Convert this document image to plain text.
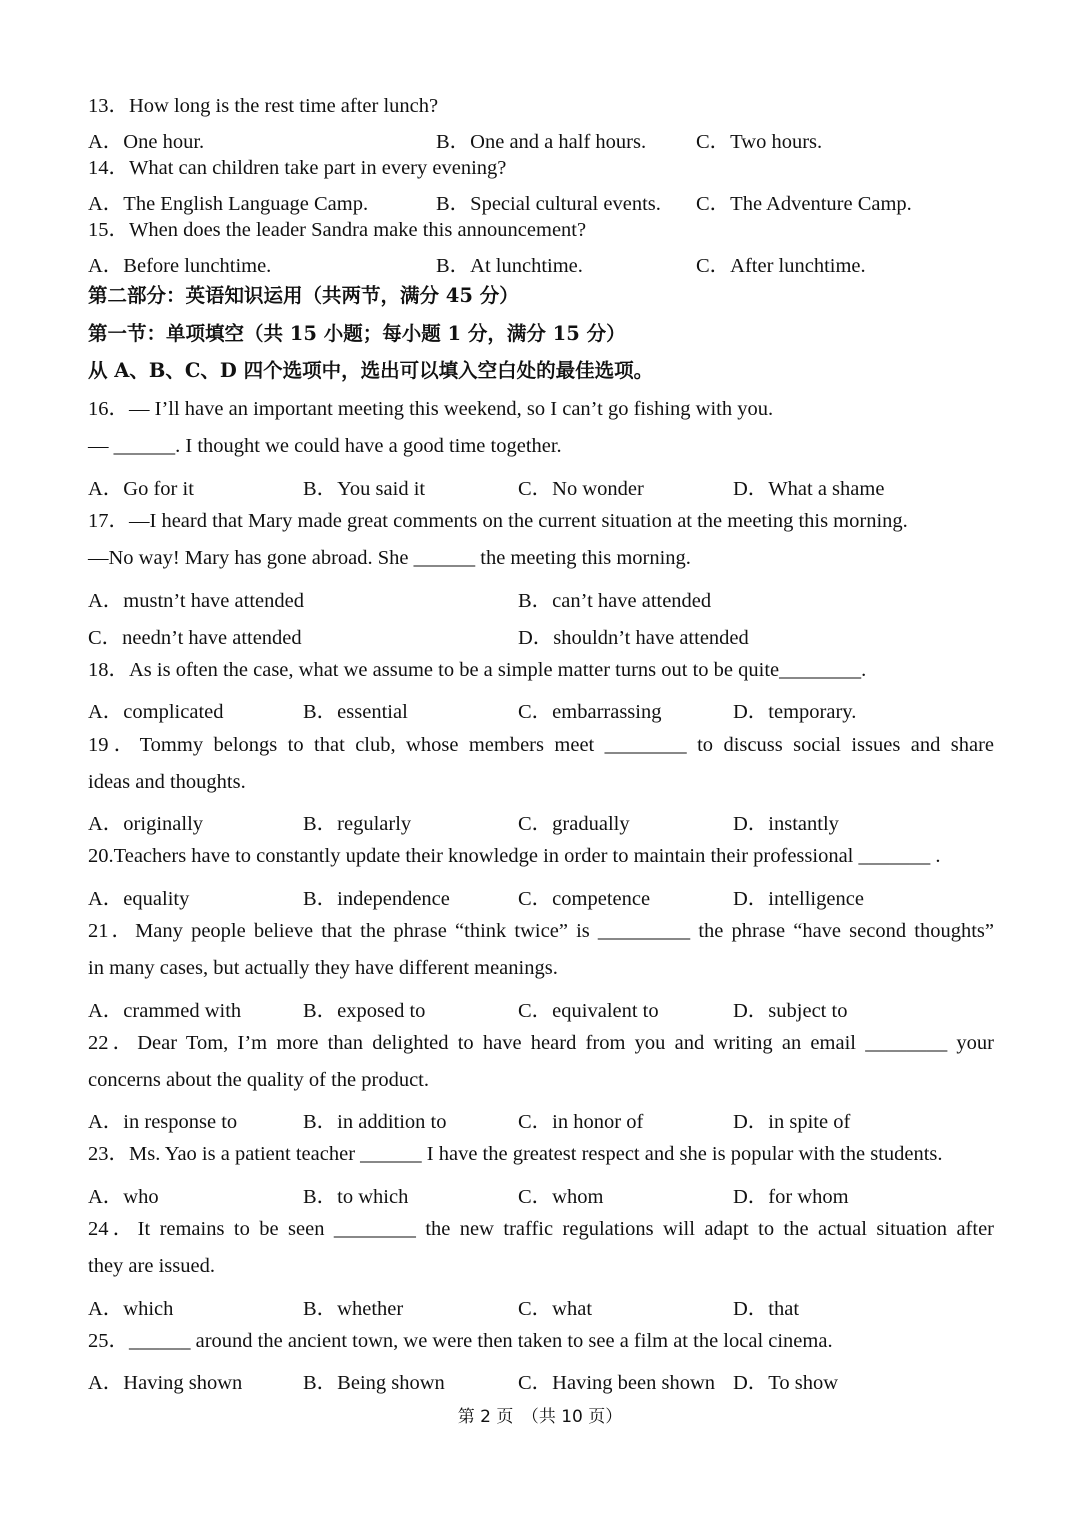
13．How long is the rest time after lunch?
A．One hour.	B．One and a half hours. C．Two hours.
14．What can children take part in every evening?
A．The English Language Camp.	B．Special cultural events. C．The Adventure Camp.
15．When does the leader Sandra make this announcement?
A．Before lunchtime.	B．At lunchtime.	C．After lunchtime.
第二部分：英语知识运用（共两节，满分 45 分）
第一节：单项填空（共 15 小题；每小题 1 分，满分 15 分）
从 A、B、C、D 四个选项中，选出可以填入空白处的最佳选项。
16．— I’ll have an important meeting this weekend, so I can’t go fishing with you.
— ______. I thought we could have a good time together.
A．Go for it	B．You said it	C．No wonder	D．What a shame
17．—I heard that Mary made great comments on the current situation at the meeting this morning.
—No way! Mary has gone abroad. She ______ the meeting this morning.
A．mustn’t have attended	B．can’t have attended
C．needn’t have attended	D．shouldn’t have attended
18．As is often the case, what we assume to be a simple matter turns out to be quite________.
A．complicated	B．essential	C．embarrassing	D．temporary.
19．Tommy belongs to that club, whose members meet ________ to discuss social issues and share
ideas and thoughts.
A．originally	B．regularly	C．gradually	D．instantly
20.Teachers have to constantly update their knowledge in order to maintain their professional _______ .
A．equality	B．independence	C．competence	D．intelligence
21．Many people believe that the phrase “think twice” is _________ the phrase “have second thoughts”
in many cases, but actually they have different meanings.
A．crammed with	B．exposed to	C．equivalent to	D．subject to
22．Dear Tom, I’m more than delighted to have heard from you and writing an email ________ your
concerns about the quality of the product.
A．in response to	B．in addition to	C．in honor of	D．in spite of
23．Ms. Yao is a patient teacher ______ I have the greatest respect and she is popular with the students.
A．who	B．to which	C．whom	D．for whom
24．It remains to be seen ________ the new traffic regulations will adapt to the actual situation after
they are issued.
A．which	B．whether	C．what	D．that
25．______ around the ancient town, we were then taken to see a film at the local cinema.
A．Having shown	B．Being shown	C．Having been shown D．To show
第 2 页　（共 10 页）
